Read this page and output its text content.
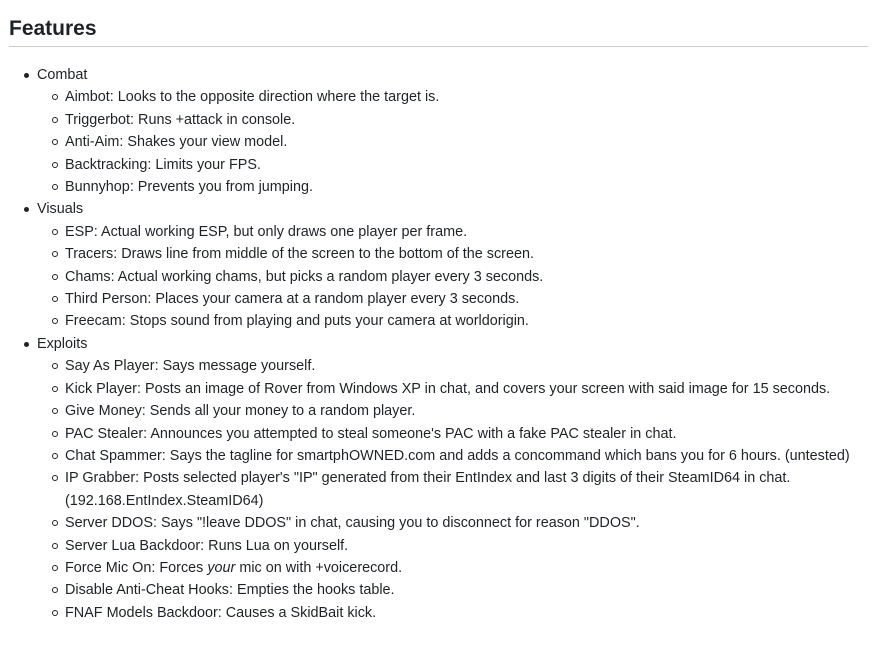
Features
Combat
Aimbot: Looks to the opposite direction where the target is.
Triggerbot: Runs +attack in console.
Anti-Aim: Shakes your view model.
Backtracking: Limits your FPS.
Bunnyhop: Prevents you from jumping.
Visuals
ESP: Actual working ESP, but only draws one player per frame.
Tracers: Draws line from middle of the screen to the bottom of the screen.
Chams: Actual working chams, but picks a random player every 3 seconds.
Third Person: Places your camera at a random player every 3 seconds.
Freecam: Stops sound from playing and puts your camera at worldorigin.
Exploits
Say As Player: Says message yourself.
Kick Player: Posts an image of Rover from Windows XP in chat, and covers your screen with said image for 15 seconds.
Give Money: Sends all your money to a random player.
PAC Stealer: Announces you attempted to steal someone's PAC with a fake PAC stealer in chat.
Chat Spammer: Says the tagline for smartphOWNED.com and adds a concommand which bans you for 6 hours. (untested)
IP Grabber: Posts selected player's "IP" generated from their EntIndex and last 3 digits of their SteamID64 in chat. (192.168.EntIndex.SteamID64)
Server DDOS: Says "!leave DDOS" in chat, causing you to disconnect for reason "DDOS".
Server Lua Backdoor: Runs Lua on yourself.
Force Mic On: Forces your mic on with +voicerecord.
Disable Anti-Cheat Hooks: Empties the hooks table.
FNAF Models Backdoor: Causes a SkidBait kick.
